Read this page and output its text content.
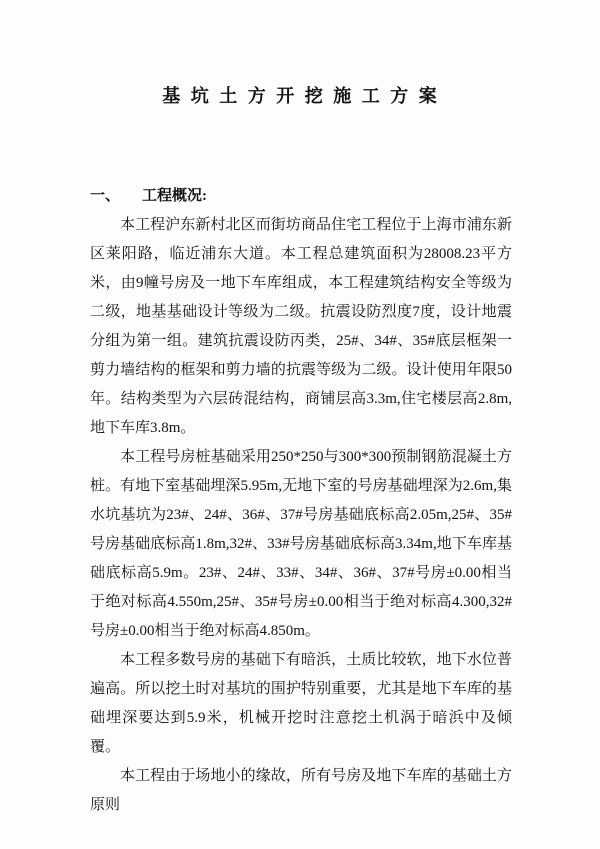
基 坑 土 方 开 挖 施 工 方 案
一、 工程概况:

本工程沪东新村北区而街坊商品住宅工程位于上海市浦东新区莱阳路，临近浦东大道。本工程总建筑面积为28008.23平方米，由9幢号房及一地下车库组成，本工程建筑结构安全等级为二级，地基基础设计等级为二级。抗震设防烈度7度，设计地震分组为第一组。建筑抗震设防丙类，25#、34#、35#底层框架一剪力墙结构的框架和剪力墙的抗震等级为二级。设计使用年限50年。结构类型为六层砖混结构，商铺层高3.3m,住宅楼层高2.8m,地下车库3.8m。

本工程号房桩基础采用250*250与300*300预制钢筋混凝土方桩。有地下室基础埋深5.95m,无地下室的号房基础埋深为2.6m,集水坑基坑为23#、24#、36#、37#号房基础底标高2.05m,25#、35#号房基础底标高1.8m,32#、33#号房基础底标高3.34m,地下车库基础底标高5.9m。23#、24#、33#、34#、36#、37#号房±0.00相当于绝对标高4.550m,25#、35#号房±0.00相当于绝对标高4.300,32#号房±0.00相当于绝对标高4.850m。

本工程多数号房的基础下有暗浜，土质比较软，地下水位普遍高。所以挖土时对基坑的围护特别重要，尤其是地下车库的基础埋深要达到5.9米，机械开挖时注意挖土机涡于暗浜中及倾覆。

本工程由于场地小的缘故，所有号房及地下车库的基础土方原则
